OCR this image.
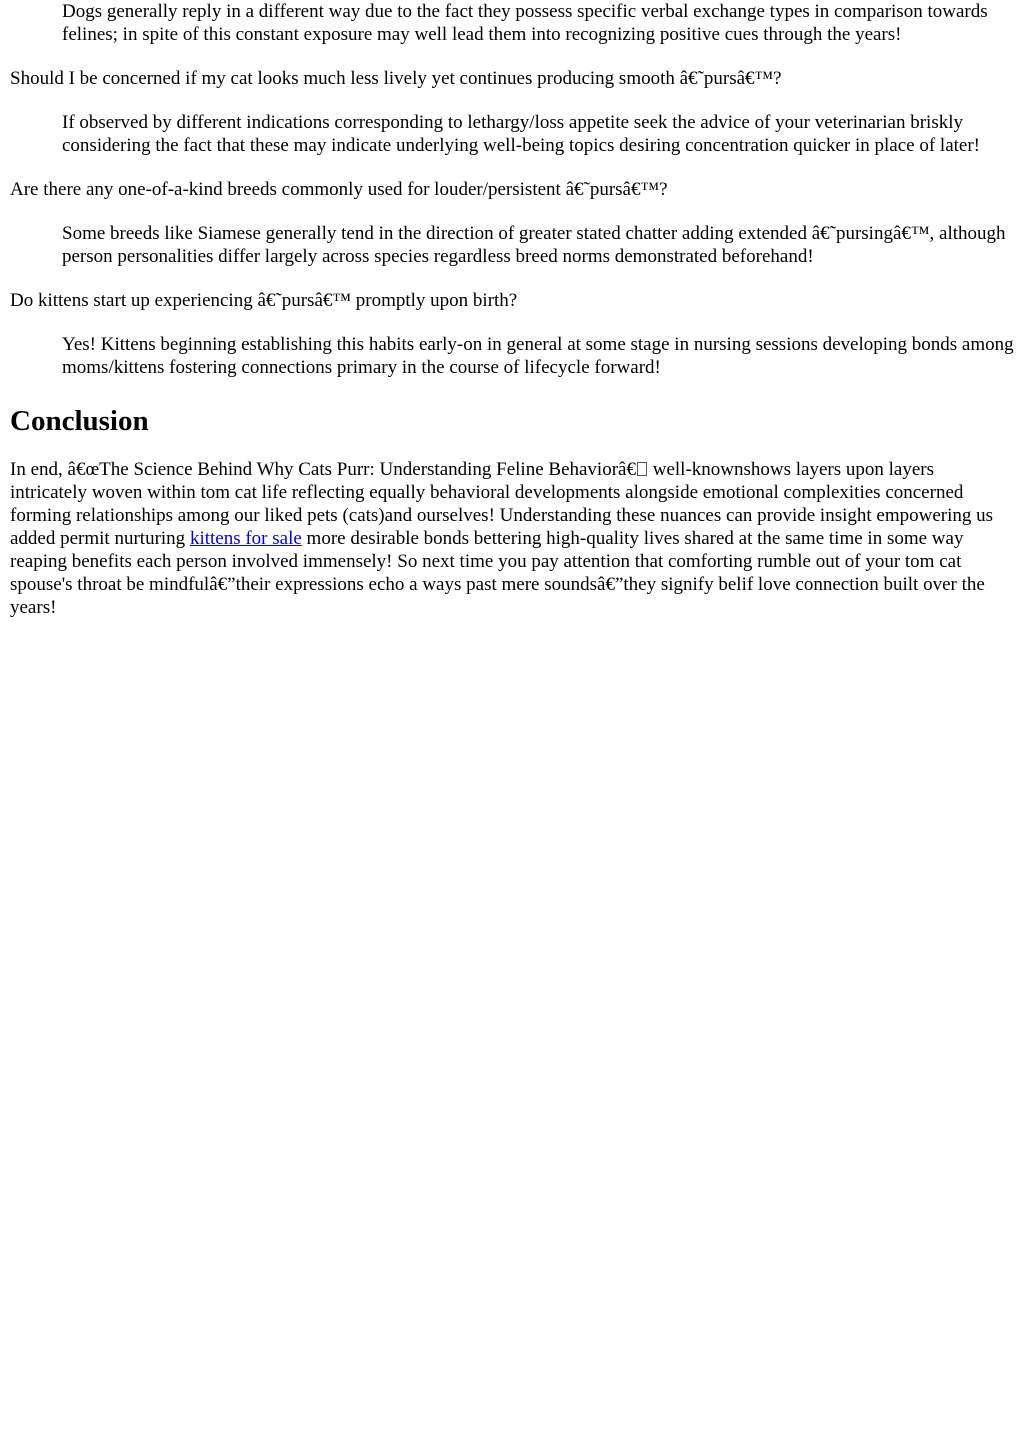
Dogs generally reply in a different way due to the fact they possess specific verbal exchange types in comparison towards felines; in spite of this constant exposure may well lead them into recognizing positive cues through the years!
Should I be concerned if my cat looks much less lively yet continues producing smooth â€˜pursâ€™?
If observed by different indications corresponding to lethargy/loss appetite seek the advice of your veterinarian briskly considering the fact that these may indicate underlying well-being topics desiring concentration quicker in place of later!
Are there any one-of-a-kind breeds commonly used for louder/persistent â€˜pursâ€™?
Some breeds like Siamese generally tend in the direction of greater stated chatter adding extended â€˜pursingâ€™, although person personalities differ largely across species regardless breed norms demonstrated beforehand!
Do kittens start up experiencing â€˜pursâ€™ promptly upon birth?
Yes! Kittens beginning establishing this habits early-on in general at some stage in nursing sessions developing bonds among moms/kittens fostering connections primary in the course of lifecycle forward!
Conclusion

In end, â€œThe Science Behind Why Cats Purr: Understanding Feline Behaviorâ€ well-knownshows layers upon layers intricately woven within tom cat life reflecting equally behavioral developments alongside emotional complexities concerned forming relationships among our liked pets (cats)and ourselves! Understanding these nuances can provide insight empowering us added permit nurturing kittens for sale more desirable bonds bettering high-quality lives shared at the same time in some way reaping benefits each person involved immensely! So next time you pay attention that comforting rumble out of your tom cat spouse's throat be mindfulâ€”their expressions echo a ways past mere soundsâ€”they signify belif love connection built over the years!
